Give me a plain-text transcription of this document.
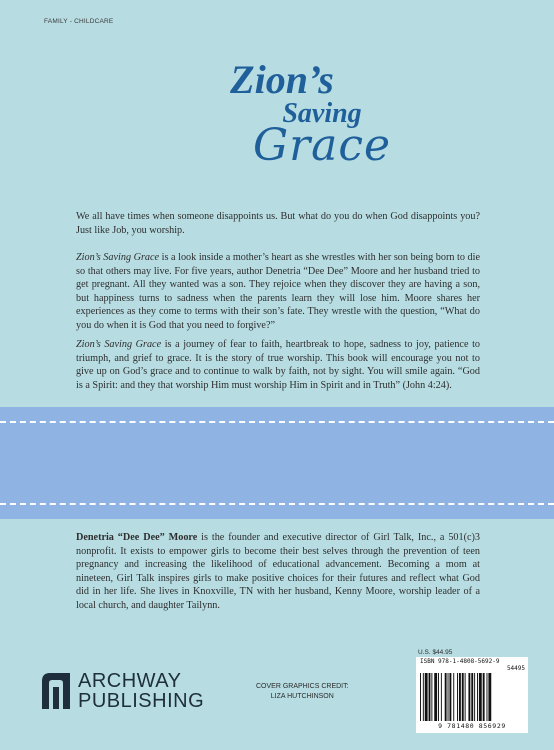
FAMILY - CHILDCARE
Zion’s
Saving
Grace

We all have times when someone disappoints us. But what do you do when God disappoints you? Just like Job, you worship.

Zion’s Saving Grace is a look inside a mother’s heart as she wrestles with her son being born to die so that others may live. For five years, author Denetria “Dee Dee” Moore and her husband tried to get pregnant. All they wanted was a son. They rejoice when they discover they are having a son, but happiness turns to sadness when the parents learn they will lose him. Moore shares her experiences as they come to terms with their son’s fate. They wrestle with the question, “What do you do when it is God that you need to forgive?”

Zion’s Saving Grace is a journey of fear to faith, heartbreak to hope, sadness to joy, patience to triumph, and grief to grace. It is the story of true worship. This book will encourage you not to give up on God’s grace and to continue to walk by faith, not by sight. You will smile again. “God is a Spirit: and they that worship Him must worship Him in Spirit and in Truth” (John 4:24).

Denetria “Dee Dee” Moore is the founder and executive director of Girl Talk, Inc., a 501(c)3 nonprofit. It exists to empower girls to become their best selves through the prevention of teen pregnancy and increasing the likelihood of educational advancement. Becoming a mom at nineteen, Girl Talk inspires girls to make positive choices for their futures and reflect what God did in her life. She lives in Knoxville, TN with her husband, Kenny Moore, worship leader of a local church, and daughter Tailynn.

ARCHWAY
PUBLISHING
COVER GRAPHICS CREDIT:
LIZA HUTCHINSON
U.S. $44.95
ISBN 978-1-4808-5692-9
54495
9 781480 856929
